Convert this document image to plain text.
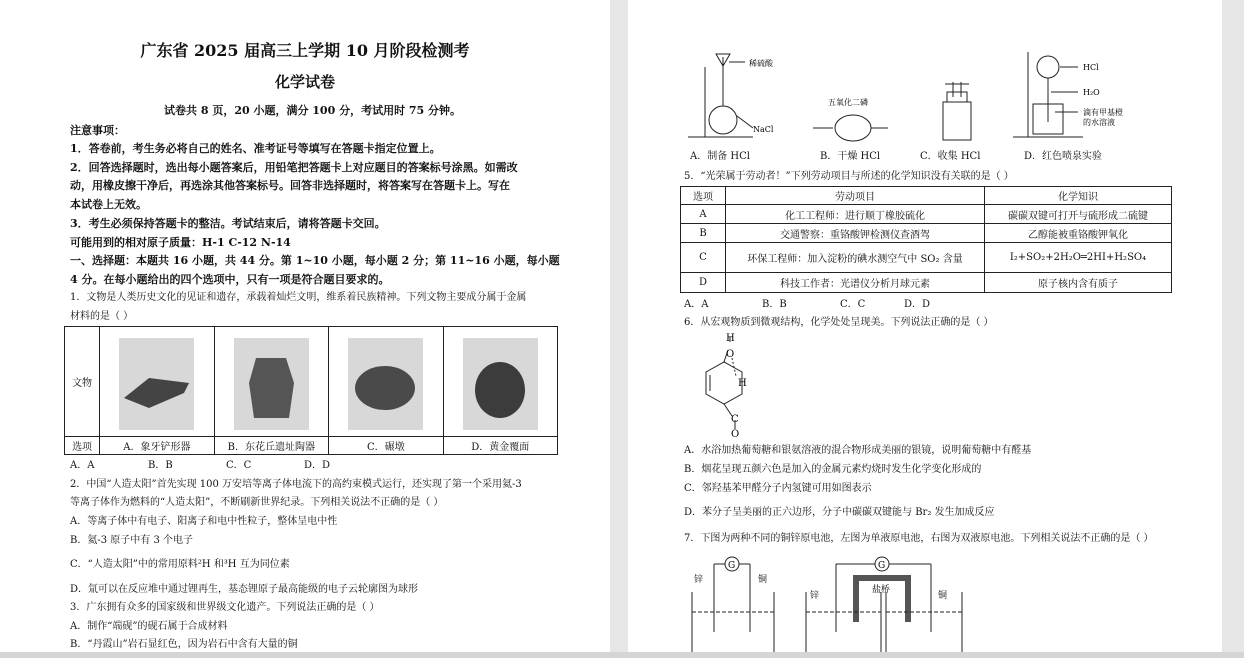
广东省 2025 届高三上学期 10 月阶段检测考
化学试卷
试卷共 8 页，20 小题，满分 100 分，考试用时 75 分钟。
注意事项：
1．答卷前，考生务必将自己的姓名、准考证号等填写在答题卡指定位置上。
2．回答选择题时，选出每小题答案后，用铅笔把答题卡上对应题目的答案标号涂黑。如需改
动，用橡皮擦干净后，再选涂其他答案标号。回答非选择题时，将答案写在答题卡上。写在
本试卷上无效。
3．考生必须保持答题卡的整洁。考试结束后，请将答题卡交回。
可能用到的相对原子质量：H-1 C-12 N-14
一、选择题：本题共 16 小题，共 44 分。第 1~10 小题，每小题 2 分；第 11~16 小题，每小题
4 分。在每小题给出的四个选项中，只有一项是符合题目要求的。
1．文物是人类历史文化的见证和遗存，承载着灿烂文明，维系着民族精神。下列文物主要成分属于金属
材料的是（ ）
文物	

选项	A．象牙铲形器	B．东花丘遗址陶器	C．碾墩	D．黄金覆面
A．A	B．B	C．C	D．D
2．中国“人造太阳”首先实现 100 万安培等离子体电流下的高约束模式运行，还实现了第一个采用氦-3
等离子体作为燃料的“人造太阳”，不断刷新世界纪录。下列相关说法不正确的是（ ）
A．等离子体中有电子、阳离子和电中性粒子，整体呈电中性
B．氦-3 原子中有 3 个电子
C．“人造太阳”中的常用原料²H 和³H 互为同位素
D．氚可以在反应堆中通过锂再生，基态锂原子最高能级的电子云轮廓图为球形
3．广东拥有众多的国家级和世界级文化遗产。下列说法正确的是（ ）
A．制作“端砚”的砚石属于合成材料
B．“丹霞山”岩石显红色，因为岩石中含有大量的铜
稀硫酸
NaCl
五氧化二磷
HCl
H₂O
滴有甲基橙
的水溶液
A．制备 HCl	B．干燥 HCl	C．收集 HCl	D．红色喷泉实验
5．“光荣属于劳动者！”下列劳动项目与所述的化学知识没有关联的是（ ）
选项	劳动项目	化学知识
A	化工工程师：进行顺丁橡胶硫化	碳碳双键可打开与硫形成二硫键
B	交通警察：重铬酸钾检测仪查酒驾	乙醇能被重铬酸钾氧化
C	环保工程师：加入淀粉的碘水测空气中 SO₂ 含量	I₂+SO₂+2H₂O═2HI+H₂SO₄
D	科技工作者：光谱仪分析月球元素	原子核内含有质子
A．A	B．B	C．C	D．D
6．从宏观物质到微观结构，化学处处呈现美。下列说法正确的是（ ）
H
O
H
C
O
A．水浴加热葡萄糖和银氨溶液的混合物形成美丽的银镜，说明葡萄糖中有醛基
B．烟花呈现五颜六色是加入的金属元素灼烧时发生化学变化形成的
C．邻羟基苯甲醛分子内氢键可用如图表示
D．苯分子呈美丽的正六边形，分子中碳碳双键能与 Br₂ 发生加成反应
7．下图为两种不同的铜锌原电池，左图为单液原电池，右图为双液原电池。下列相关说法不正确的是（ ）
G
锌	铜
G
盐桥
锌	铜
